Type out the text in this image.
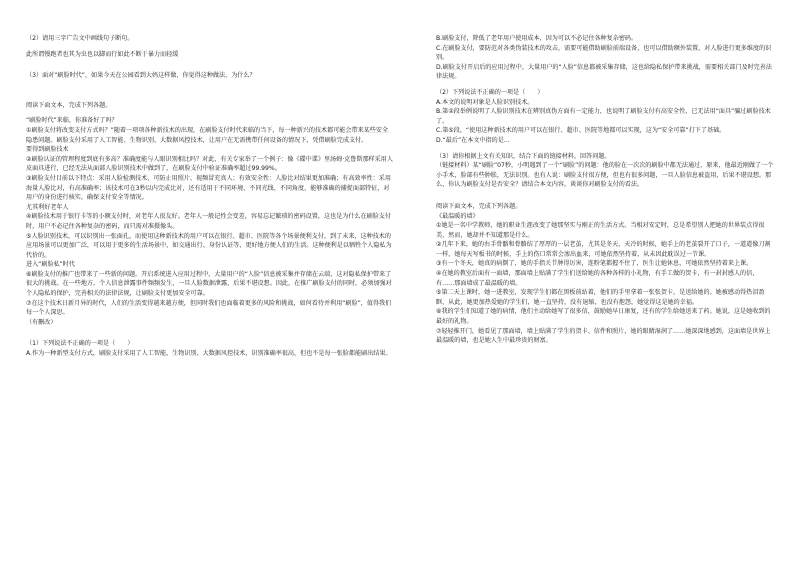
（2）请用三字广告文中画线句子断句。

此所谓慢跑者也其为虫也以脚而行如此不断于暴力而轻缓

（3）面对“刷脸时代”，如果今天在公园看到大妈这样做，你觉得这种做法，为什么？

阅读下面文本，完成下列各题。

“刷脸时代”来临，你准备好了吗？

①刷脸支付将改变支付方式吗？”随着一项项各种新技术的出现，在刷脸支付时代来临的当下，每一种新兴的技术都可能会带来某些安全隐患问题。刷脸支付采用了人工智能、生物识别、大数据风控技术，让用户在无需携带任何设备的情况下，凭借刷脸完成支付。

要得到刷脸技术

②刷脸认证的管理程度到底有多高？准确度能与人眼识别相比吗？对此，有关专家举了一个例子：像《碟中谍》里汤姆·克鲁斯那样采用人皮面具进行，已经无法从面部人脸识别技术中做到了，在刷脸支付中验证准确率超过99.99%。

③刷脸支付目前以下特点：采用人脸检测技术，可防止用照片、视频冒充真人；有效安全性：人脸比对结果更加准确；有高效率性：采用海量人脸比对，有高准确率；该技术可在3秒以内完成比对，还有适用于不同环境、不同光线、不同角度，能够准确的捕捉面部特征，对用户的身份进行核实，确保支付安全等情况。

尤其利好老年人

④刷脸技术用于银行卡等的小额支付时，对老年人很友好。老年人一般记性会变差，容易忘记繁琐的密码设置，这也是为什么在刷脸支付时，用户不必记住各种复杂的密码，而只需对准摄像头。

⑤人脸识别技术，可以识别出一张面孔，而使用这种新技术的用户可以在银行、超市、医院等各个场景便利支付，到了未来，这种技术的应用场景可以更加广泛，可以用于更多的生活场景中，如交通出行、身份认证等，更好地方便人们的生活。这种便利是以牺牲个人隐私为代价的。

进入“刷脸私”时代

⑥刷脸支付的推广也带来了一些新的问题。开启系统进入应用过程中，大量用户的“人脸”信息被采集并存储在云端，这对隐私保护带来了很大的挑战。在一些地方，个人信息泄露事件频频发生，一旦人脸数据泄露，后果不堪设想。因此，在推广刷脸支付的同时，必须加强对个人隐私的保护，完善相关的法律法规，让刷脸支付更加安全可靠。

⑦在这个技术日新月异的时代，人们的生活变得越来越方便，但同时我们也面临着更多的风险和挑战，如何看待并利用“刷脸”，值得我们每一个人深思。

（有删改）

（1）下列说法不正确的一项是（　　）

A.作为一种新型支付方式，刷脸支付采用了人工智能、生物识别、大数据风控技术，识别准确率很高，但也不是每一张脸都能刷出结果。

B.刷脸支付，降低了老年用户使用成本，因为可以不必记住各种复杂密码。

C.在刷脸支付，要防范对各类伪装技术的攻击，需要可能借助刷脸前端设备，也可以借助额外装置，对人脸进行更多维度的识别。

D.刷脸支付开启后的应用过程中，大量用户的“人脸”信息都被采集存储，这也给隐私保护带来挑战，需要相关部门及时完善法律法规。

（2）下列说法不正确的一项是（　　）

A.本文的说明对象是人脸识别技术。

B.第②段举例说明了人脸识别技术在辨别真伪方面有一定能力，也说明了刷脸支付有高安全性，已无法用“面具”骗过刷脸技术了。

C.第⑤段，“使用这种新技术的用户可以在银行、超市、医院等地都可以实现，这为“安全可靠”打下了基础。

D.“最后”在本文中指的是…

（3）请你根据上文有关知识，结合下面的链接材料，回答问题。

（链接材料）某“刷脸”07秒，小明遇到了一个“刷脸”的问题：他的脸在一次次的刷脸中都无法通过，原来，他最近刚做了一个小手术，脸部有些肿胀，无法识别。也有人说：刷脸支付很方便，但也有很多问题，一旦人脸信息被盗用，后果不堪设想。那么，你认为刷脸支付是否安全？请结合本文内容，谈谈你对刷脸支付的看法。

阅读下面文本，完成下列各题。

《最温暖的墙》

①她是一名中学教师，她的职业生涯改变了她那坚实与刚正的生活方式。当相对安定时，总是希望别人把她的世界装点得很美，然而，她却并不知道那是什么。

②几年下来，她的右手骨骼和骨骼结了厚厚的一层老茧，尤其是冬天，天冷的时候，她手上的老茧裂开了口子，一道道像刀割一样，她每天写板书的时候，手上的伤口常常会渗出血来，可她依然坚持着，从未因此耽误过一节课。

③有一个冬天，她真的病倒了，她的手指关节肿得厉害，连粉笔都握不住了，医生让她休息，可她依然坚持着来上课。

④在她的教室后面有一面墙，那面墙上贴满了学生们送给她的各种各样的小礼物，有手工做的贺卡，有一封封感人的信，有……那面墙成了最温暖的墙。

⑤第二天上课时，她一进教室，发现学生们都在黑板前站着，他们的手里拿着一张张贺卡，是送给她的。她被感动得热泪盈眶，从此，她更加热爱她的学生们，她一直坚持，没有退缩，也没有抱怨，她觉得这是她的幸福。

⑥我的学生们知道了她的病情，他们主动给她写了很多信，鼓励她早日康复，还有的学生给她送来了药。她说，这是她收到的最好的礼物。

⑦轻轻推开门，她看见了那面墙，墙上贴满了学生的贺卡、信件和照片，她的眼睛湿润了……她深深地感到，这面墙是世界上最温暖的墙，也是她人生中最珍贵的财富。
